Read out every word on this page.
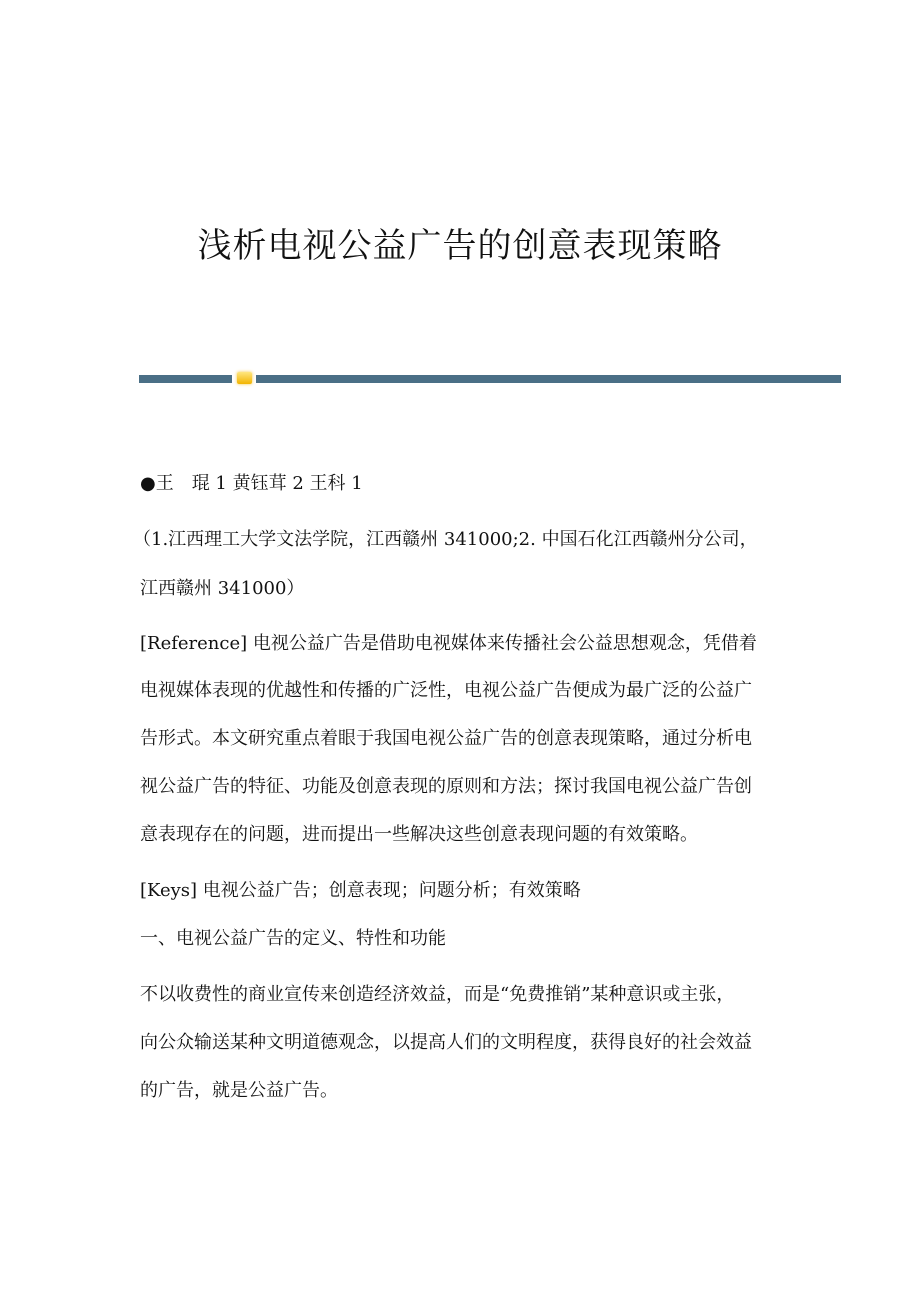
浅析电视公益广告的创意表现策略
●王　琨 1 黄钰茸 2 王科 1
（1.江西理工大学文法学院，江西赣州 341000;2. 中国石化江西赣州分公司，
江西赣州 341000）
[Reference] 电视公益广告是借助电视媒体来传播社会公益思想观念，凭借着
电视媒体表现的优越性和传播的广泛性，电视公益广告便成为最广泛的公益广
告形式。本文研究重点着眼于我国电视公益广告的创意表现策略，通过分析电
视公益广告的特征、功能及创意表现的原则和方法；探讨我国电视公益广告创
意表现存在的问题，进而提出一些解决这些创意表现问题的有效策略。
[Keys] 电视公益广告；创意表现；问题分析；有效策略
一、电视公益广告的定义、特性和功能
不以收费性的商业宣传来创造经济效益，而是“免费推销”某种意识或主张，
向公众输送某种文明道德观念，以提高人们的文明程度，获得良好的社会效益
的广告，就是公益广告。
